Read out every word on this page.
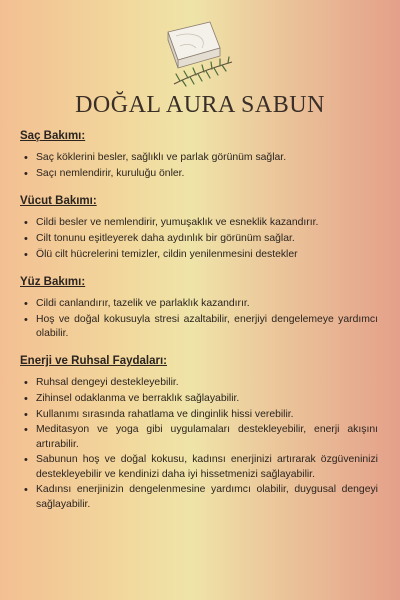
DOĞAL AURA SABUN
Saç Bakımı:
• Saç köklerini besler, sağlıklı ve parlak görünüm sağlar.
• Saçı nemlendirir, kuruluğu önler.
Vücut Bakımı:
• Cildi besler ve nemlendirir, yumuşaklık ve esneklik kazandırır.
• Cilt tonunu eşitleyerek daha aydınlık bir görünüm sağlar.
• Ölü cilt hücrelerini temizler, cildin yenilenmesini destekler
Yüz Bakımı:
• Cildi canlandırır, tazelik ve parlaklık kazandırır.
• Hoş ve doğal kokusuyla stresi azaltabilir, enerjiyi dengelemeye yardımcı olabilir.
Enerji ve Ruhsal Faydaları:
• Ruhsal dengeyi destekleyebilir.
• Zihinsel odaklanma ve berraklık sağlayabilir.
• Kullanımı sırasında rahatlama ve dinginlik hissi verebilir.
• Meditasyon ve yoga gibi uygulamaları destekleyebilir, enerji akışını artırabilir.
• Sabunun hoş ve doğal kokusu, kadınsı enerjinizi artırarak özgüveninizi destekleyebilir ve kendinizi daha iyi hissetmenizi sağlayabilir.
• Kadınsı enerjinizin dengelenmesine yardımcı olabilir, duygusal dengeyi sağlayabilir.
